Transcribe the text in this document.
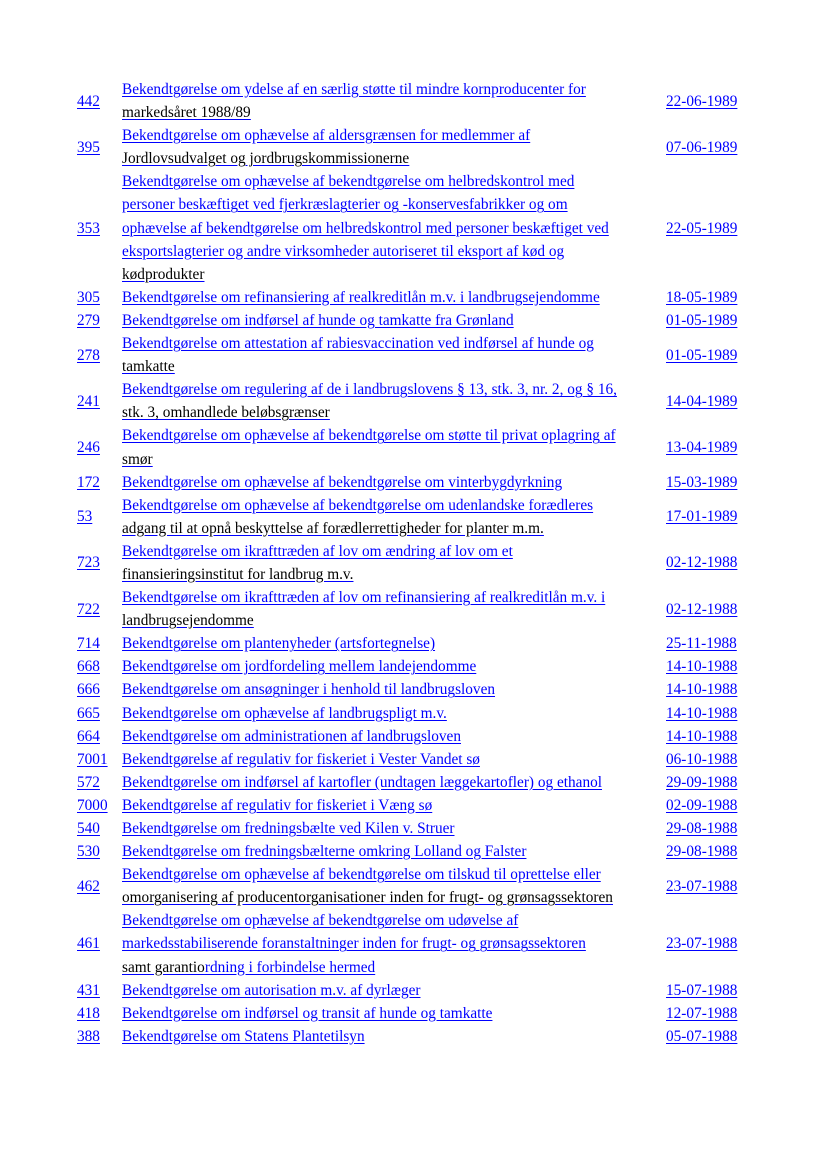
442	Bekendtgørelse om ydelse af en særlig støtte til mindre kornproducenter for
markedsåret 1988/89	22-06-1989
395	Bekendtgørelse om ophævelse af aldersgrænsen for medlemmer af
Jordlovsudvalget og jordbrugskommissionerne	07-06-1989
353	Bekendtgørelse om ophævelse af bekendtgørelse om helbredskontrol med
personer beskæftiget ved fjerkræslagterier og -konservesfabrikker og om
ophævelse af bekendtgørelse om helbredskontrol med personer beskæftiget ved
eksportslagterier og andre virksomheder autoriseret til eksport af kød og
kødprodukter	22-05-1989
305	Bekendtgørelse om refinansiering af realkreditlån m.v. i landbrugsejendomme	18-05-1989
279	Bekendtgørelse om indførsel af hunde og tamkatte fra Grønland	01-05-1989
278	Bekendtgørelse om attestation af rabiesvaccination ved indførsel af hunde og
tamkatte	01-05-1989
241	Bekendtgørelse om regulering af de i landbrugslovens § 13, stk. 3, nr. 2, og § 16,
stk. 3, omhandlede beløbsgrænser	14-04-1989
246	Bekendtgørelse om ophævelse af bekendtgørelse om støtte til privat oplagring af
smør	13-04-1989
172	Bekendtgørelse om ophævelse af bekendtgørelse om vinterbygdyrkning	15-03-1989
53	Bekendtgørelse om ophævelse af bekendtgørelse om udenlandske forædleres
adgang til at opnå beskyttelse af forædlerrettigheder for planter m.m.	17-01-1989
723	Bekendtgørelse om ikrafttræden af lov om ændring af lov om et
finansieringsinstitut for landbrug m.v.	02-12-1988
722	Bekendtgørelse om ikrafttræden af lov om refinansiering af realkreditlån m.v. i
landbrugsejendomme	02-12-1988
714	Bekendtgørelse om plantenyheder (artsfortegnelse)	25-11-1988
668	Bekendtgørelse om jordfordeling mellem landejendomme	14-10-1988
666	Bekendtgørelse om ansøgninger i henhold til landbrugsloven	14-10-1988
665	Bekendtgørelse om ophævelse af landbrugspligt m.v.	14-10-1988
664	Bekendtgørelse om administrationen af landbrugsloven	14-10-1988
7001	Bekendtgørelse af regulativ for fiskeriet i Vester Vandet sø	06-10-1988
572	Bekendtgørelse om indførsel af kartofler (undtagen læggekartofler) og ethanol	29-09-1988
7000	Bekendtgørelse af regulativ for fiskeriet i Væng sø	02-09-1988
540	Bekendtgørelse om fredningsbælte ved Kilen v. Struer	29-08-1988
530	Bekendtgørelse om fredningsbælterne omkring Lolland og Falster	29-08-1988
462	Bekendtgørelse om ophævelse af bekendtgørelse om tilskud til oprettelse eller
omorganisering af producentorganisationer inden for frugt- og grønsagssektoren	23-07-1988
461	Bekendtgørelse om ophævelse af bekendtgørelse om udøvelse af
markedsstabiliserende foranstaltninger inden for frugt- og grønsagssektoren
samt garantiordning i forbindelse hermed	23-07-1988
431	Bekendtgørelse om autorisation m.v. af dyrlæger	15-07-1988
418	Bekendtgørelse om indførsel og transit af hunde og tamkatte	12-07-1988
388	Bekendtgørelse om Statens Plantetilsyn	05-07-1988
